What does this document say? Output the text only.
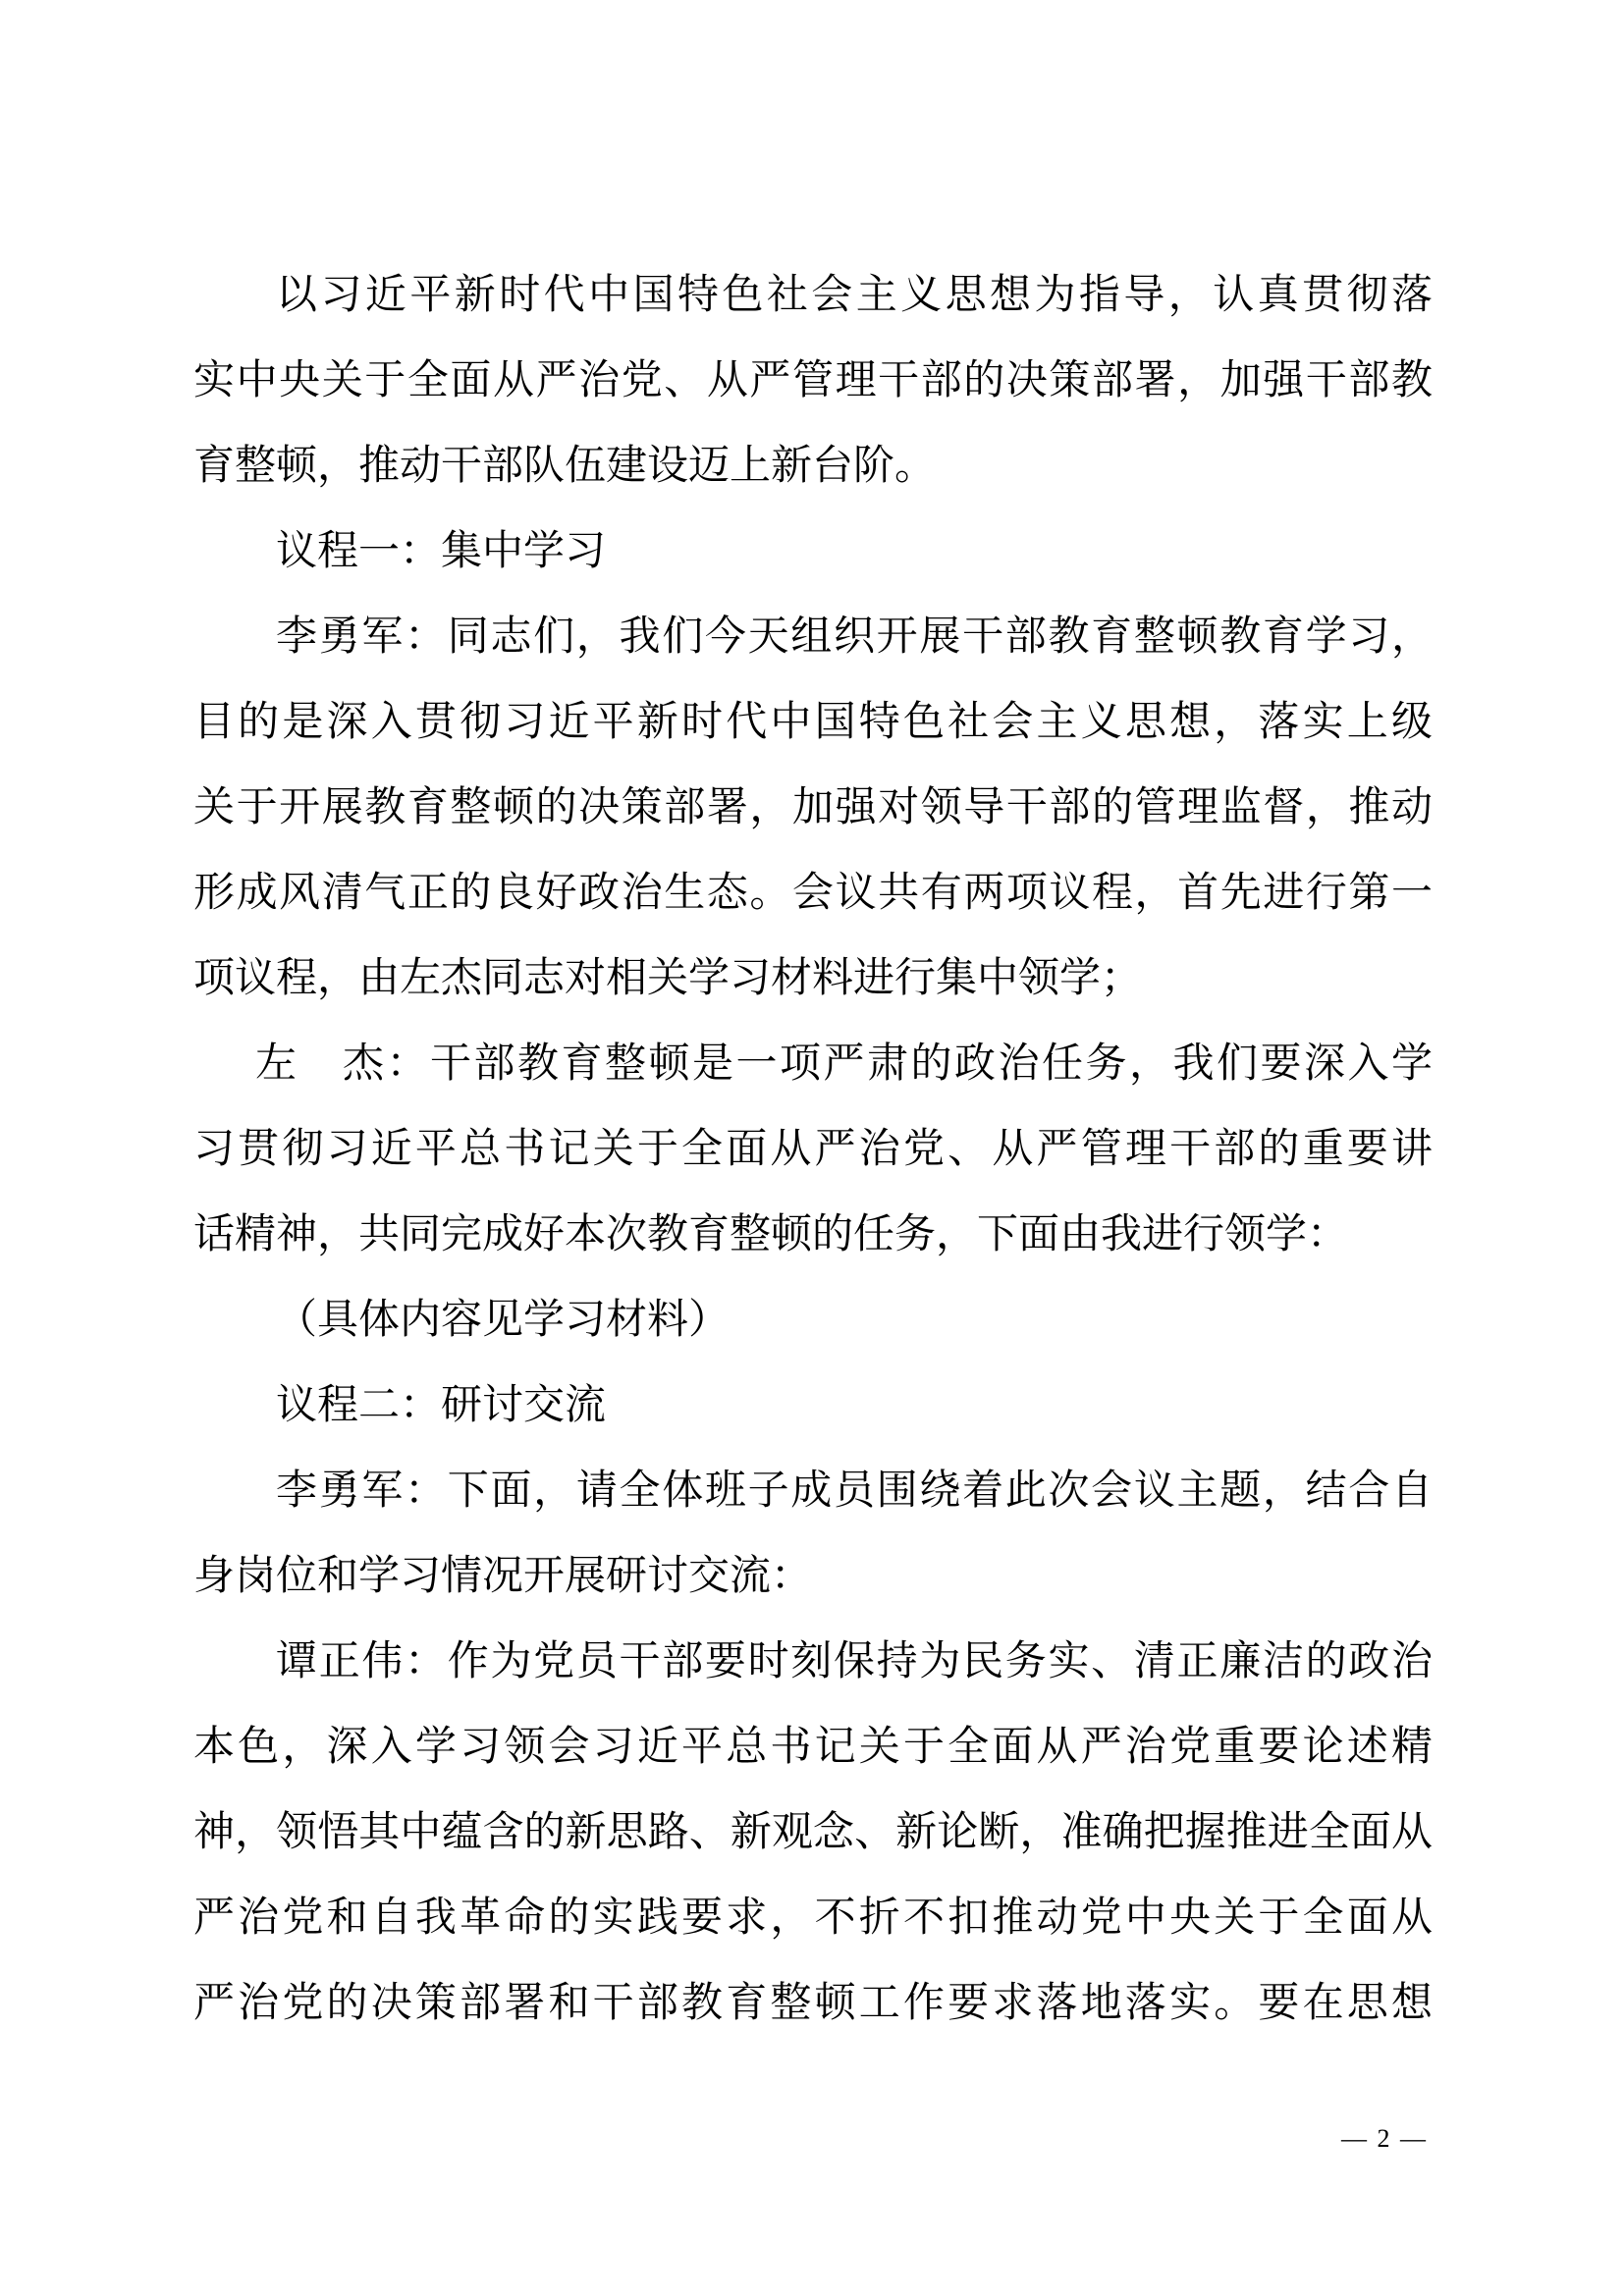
以习近平新时代中国特色社会主义思想为指导，认真贯彻落
实中央关于全面从严治党、从严管理干部的决策部署，加强干部教
育整顿，推动干部队伍建设迈上新台阶。
议程一：集中学习
李勇军：同志们，我们今天组织开展干部教育整顿教育学习，
目的是深入贯彻习近平新时代中国特色社会主义思想，落实上级
关于开展教育整顿的决策部署，加强对领导干部的管理监督，推动
形成风清气正的良好政治生态。会议共有两项议程，首先进行第一
项议程，由左杰同志对相关学习材料进行集中领学；
左　杰：干部教育整顿是一项严肃的政治任务，我们要深入学
习贯彻习近平总书记关于全面从严治党、从严管理干部的重要讲
话精神，共同完成好本次教育整顿的任务，下面由我进行领学：
（具体内容见学习材料）
议程二：研讨交流
李勇军：下面，请全体班子成员围绕着此次会议主题，结合自
身岗位和学习情况开展研讨交流：
谭正伟：作为党员干部要时刻保持为民务实、清正廉洁的政治
本色，深入学习领会习近平总书记关于全面从严治党重要论述精
神，领悟其中蕴含的新思路、新观念、新论断，准确把握推进全面从
严治党和自我革命的实践要求，不折不扣推动党中央关于全面从
严治党的决策部署和干部教育整顿工作要求落地落实。要在思想
— 2 —
